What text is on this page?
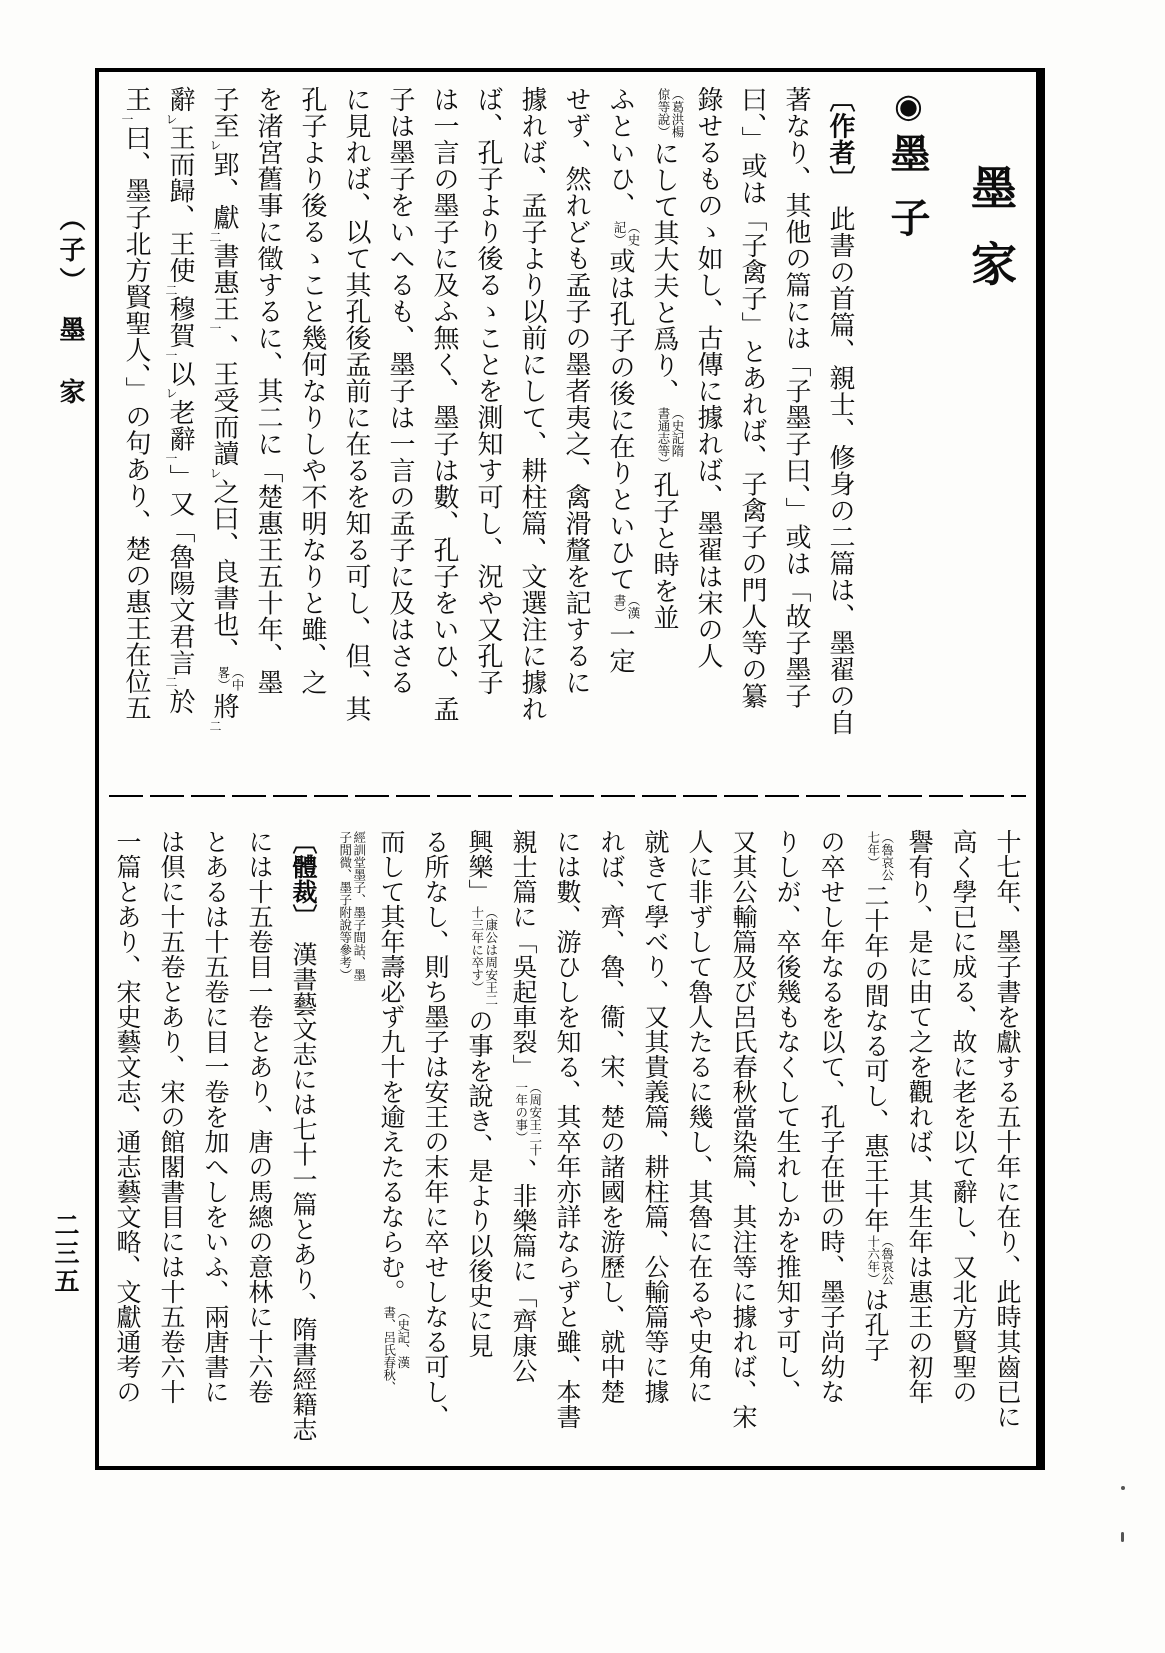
（子）　墨　家
二三五
墨家
◉墨子
〔作者〕　此書の首篇、親士、修身の二篇は、墨翟の自
著なり、其他の篇には「子墨子曰、」或は「故子墨子
曰、」或は「子禽子」とあれば、子禽子の門人等の纂
錄せるものゝ如し、古傳に據れば、墨翟は宋の人
（葛洪楊
倞等說）
にして其大夫と爲り、
（史記隋
書通志等）
孔子と時を並
ふといひ、
（史
記）
或は孔子の後に在りといひて
（漢
書）
一定
せず、然れども孟子の墨者夷之、禽滑釐を記するに
據れば、孟子より以前にして、耕柱篇、文選注に據れ
ば、孔子より後るゝことを測知す可し、況や又孔子
は一言の墨子に及ふ無く、墨子は數、孔子をいひ、孟
子は墨子をいへるも、墨子は一言の孟子に及はさる
に見れば、以て其孔後孟前に在るを知る可し、但、其
孔子より後るゝこと幾何なりしや不明なりと雖、之
を渚宮舊事に徵するに、其二に「楚惠王五十年、墨
子至レ郢、獻二書惠王一、王受而讀レ之曰、良書也、
（中
畧）
將二
辭レ王而歸、王使二穆賀一以レ老辭一」又「魯陽文君言二於
王一曰、墨子北方賢聖人、」の句あり、楚の惠王在位五
十七年、墨子書を獻する五十年に在り、此時其齒已に
高く學已に成る、故に老を以て辭し、又北方賢聖の
譽有り、是に由て之を觀れば、其生年は惠王の初年
（魯哀公
七年）
二十年の間なる可し、惠王十年
（魯哀公
十六年）
は孔子
の卒せし年なるを以て、孔子在世の時、墨子尚幼な
りしが、卒後幾もなくして生れしかを推知す可し、
又其公輸篇及び呂氏春秋當染篇、其注等に據れば、宋
人に非ずして魯人たるに幾し、其魯に在るや史角に
就きて學べり、又其貴義篇、耕柱篇、公輸篇等に據
れば、齊、魯、衞、宋、楚の諸國を游歷し、就中楚
には數、游ひしを知る、其卒年亦詳ならずと雖、本書
親士篇に「吳起車裂」
（周安王二十
一年の事）
、非樂篇に「齊康公
興樂」
（康公は周安王二
十三年に卒す）
の事を說き、是より以後史に見
る所なし、則ち墨子は安王の末年に卒せしなる可し、
而して其年壽必ず九十を逾えたるならむ。
（史記、漢
書、呂氏春秋、
經訓堂墨子、墨子間詁、墨
子閒微、墨子附說等參考）
〔體裁〕　漢書藝文志には七十一篇とあり、隋書經籍志
には十五卷目一卷とあり、唐の馬總の意林に十六卷
とあるは十五卷に目一卷を加へしをいふ、兩唐書に
は倶に十五卷とあり、宋の館閣書目には十五卷六十
一篇とあり、宋史藝文志、通志藝文略、文獻通考の
